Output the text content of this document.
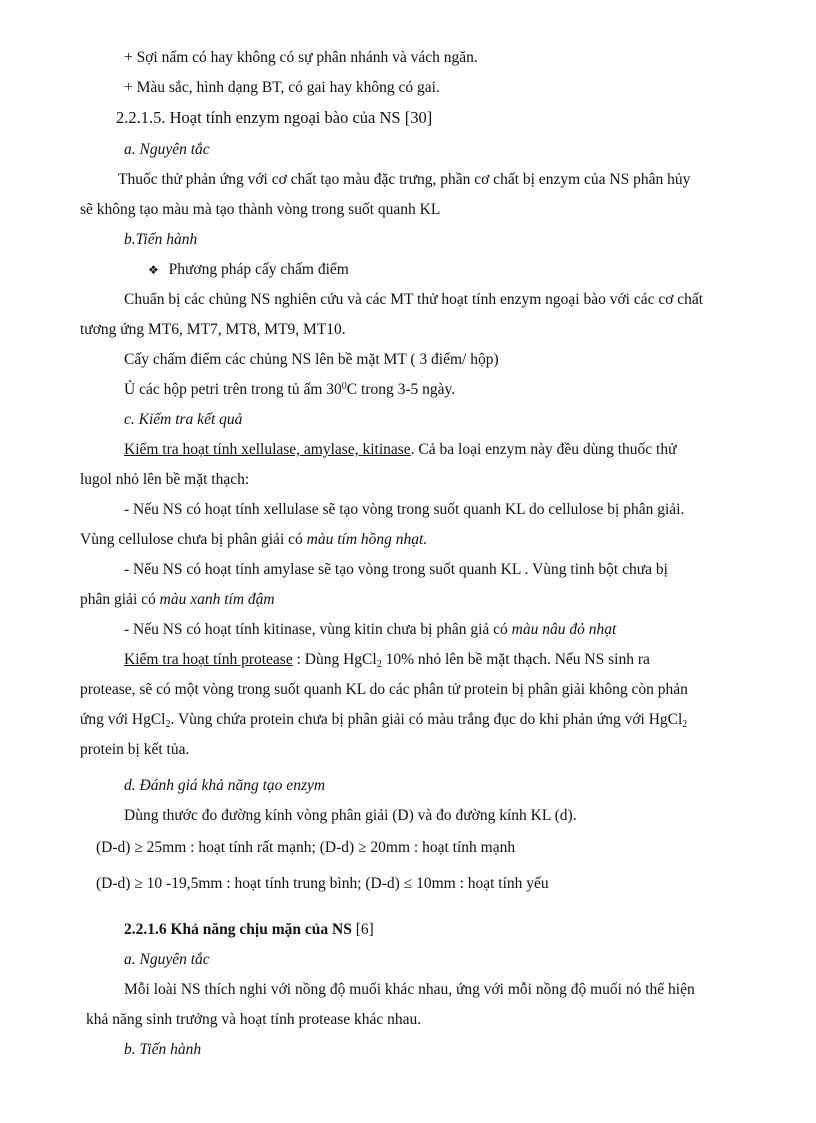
+ Sợi nấm có hay không có sự phân nhánh và vách ngăn.
+ Màu sắc, hình dạng BT, có gai hay không có gai.
2.2.1.5. Hoạt tính enzym ngoại bào của NS [30]
a. Nguyên tắc
Thuốc thử phản ứng với cơ chất tạo màu đặc trưng, phần cơ chất bị enzym của NS phân hủy
sẽ không tạo màu mà tạo thành vòng trong suốt quanh KL
b.Tiến hành
❖ Phương pháp cấy chấm điểm
Chuẩn bị các chủng NS nghiên cứu và các MT thử hoạt tính enzym ngoại bào với các cơ chất
tương ứng MT6, MT7, MT8, MT9, MT10.
Cấy chấm điểm các chủng NS lên bề mặt MT ( 3 điểm/ hộp)
Ủ các hộp petri trên trong tủ ấm $30^0C$ trong 3-5 ngày.
c. Kiểm tra kết quả
Kiểm tra hoạt tính xellulase, amylase, kitinase. Cả ba loại enzym này đều dùng thuốc thử
lugol nhỏ lên bề mặt thạch:
- Nếu NS có hoạt tính xellulase sẽ tạo vòng trong suốt quanh KL do cellulose bị phân giải.
Vùng cellulose chưa bị phân giải có màu tím hồng nhạt.
- Nếu NS có hoạt tính amylase sẽ tạo vòng trong suốt quanh KL . Vùng tinh bột chưa bị
phân giải có màu xanh tím đậm
- Nếu NS có hoạt tính kitinase, vùng kitin chưa bị phân giả có màu nâu đỏ nhạt
Kiểm tra hoạt tính protease : Dùng HgCl$_2$ 10% nhỏ lên bề mặt thạch. Nếu NS sinh ra
protease, sẽ có một vòng trong suốt quanh KL do các phân tử protein bị phân giải không còn phản
ứng với HgCl$_2$. Vùng chứa protein chưa bị phân giải có màu trắng đục do khi phản ứng với HgCl$_2$
protein bị kết tủa.
d. Đánh giá khả năng tạo enzym
Dùng thước đo đường kính vòng phân giải (D) và đo đường kính KL (d).
(D-d) ≥ 25mm : hoạt tính rất mạnh; (D-d) ≥ 20mm : hoạt tính mạnh
(D-d) ≥ 10 -19,5mm : hoạt tính trung bình; (D-d) ≤ 10mm : hoạt tính yếu
2.2.1.6 Khả năng chịu mặn của NS [6]
a. Nguyên tắc
Mỗi loài NS thích nghi với nồng độ muối khác nhau, ứng với mỗi nồng độ muối nó thể hiện
khả năng sinh trưởng và hoạt tính protease khác nhau.
b. Tiến hành
